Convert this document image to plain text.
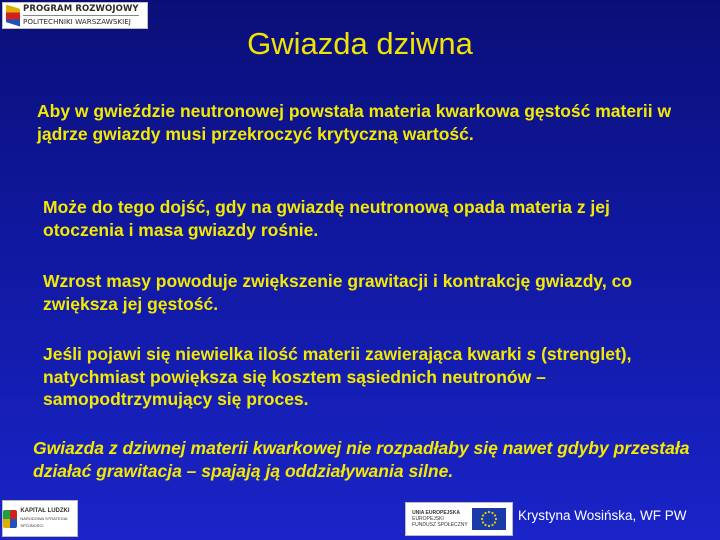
PROGRAM ROZWOJOWY
POLITECHNIKI WARSZAWSKIEJ
Gwiazda dziwna

Aby w gwieździe neutronowej powstała materia kwarkowa gęstość materii w jądrze gwiazdy musi przekroczyć krytyczną wartość.

Może do tego dojść, gdy na gwiazdę neutronową opada materia z jej otoczenia i masa gwiazdy rośnie.

Wzrost masy powoduje zwiększenie grawitacji i kontrakcję gwiazdy, co zwiększa jej gęstość.

Jeśli pojawi się niewielka ilość materii zawierająca kwarki s (strenglet), natychmiast powiększa się kosztem sąsiednich neutronów – samopodtrzymujący się proces.

Gwiazda z dziwnej materii kwarkowej nie rozpadłaby się nawet gdyby przestała działać grawitacja – spajają ją oddziaływania silne.

KAPITAŁ LUDZKI
NARODOWA STRATEGIA SPÓJNOŚCI
UNIA EUROPEJSKA
EUROPEJSKI
FUNDUSZ SPOŁECZNY
Krystyna Wosińska, WF PW
